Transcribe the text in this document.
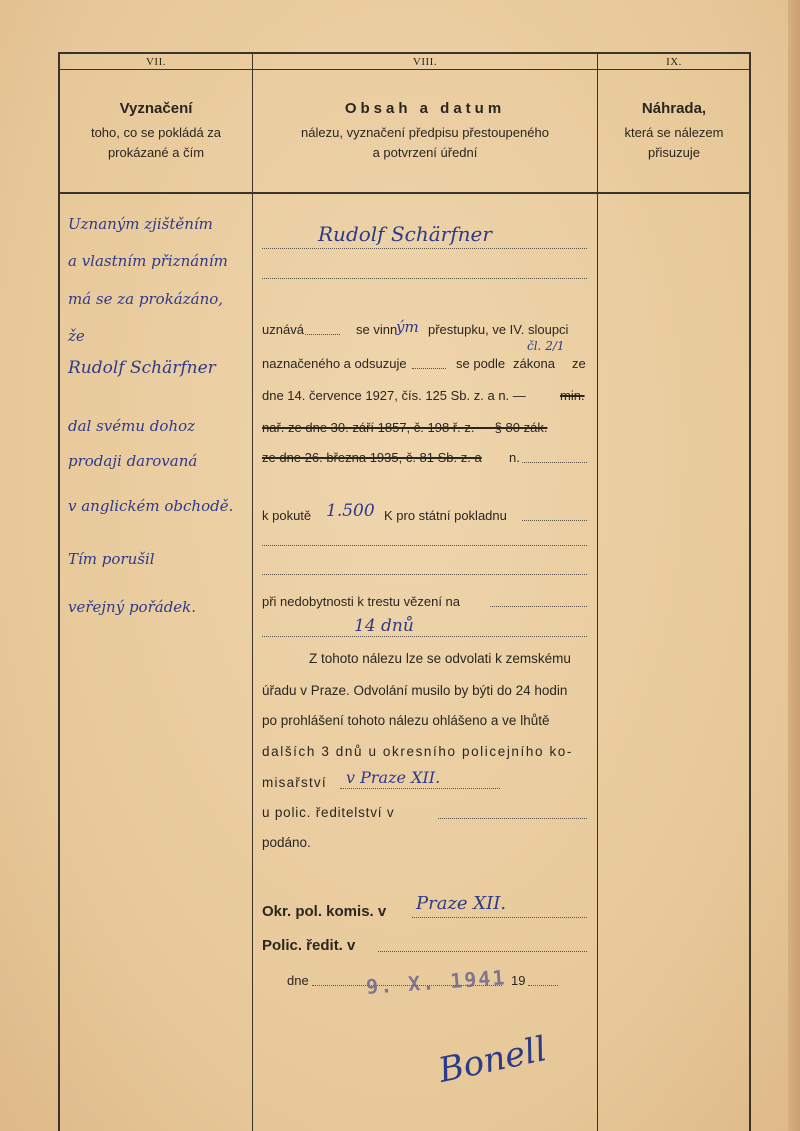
VII.	VIII.	IX.
Vyznačení
toho, co se pokládá za
prokázané a čím
Obsah a datum
nálezu, vyznačení předpisu přestoupeného
a potvrzení úřední
Náhrada,
která se nálezem
přisuzuje
Uznaným zjištěním
a vlastním přiznáním
má se za prokázáno,
že
Rudolf Schärfner
dal svému dohoz
prodaji darovaná
v anglickém obchodě.
Tím porušil
veřejný pořádek.
Rudolf Schärfner
uznává	se vinn
ým přestupku, ve IV. sloupci
naznačeného a odsuzuje	se podle
čl. 2/1
zákona ze
dne 14. července 1927, čís. 125 Sb. z. a n. —	min.
nař. ze dne 30. září 1857, č. 198 ř. z. — § 80 zák.
ze dne 26. března 1935, č. 81 Sb. z. a n.
k pokutě 1.500 K pro státní pokladnu
při nedobytnosti k trestu vězení na
14 dnů
Z tohoto nálezu lze se odvolati k zemskému
úřadu v Praze. Odvolání musilo by býti do 24 hodin
po prohlášení tohoto nálezu ohlášeno a ve lhůtě
dalších 3 dnů u okresního policejního ko-
misařství v Praze XII.
u polic. ředitelství v
podáno.
Okr. pol. komis. v Praze XII.
Polic. ředit. v
dne	9. X. 1941 19
Bonell
